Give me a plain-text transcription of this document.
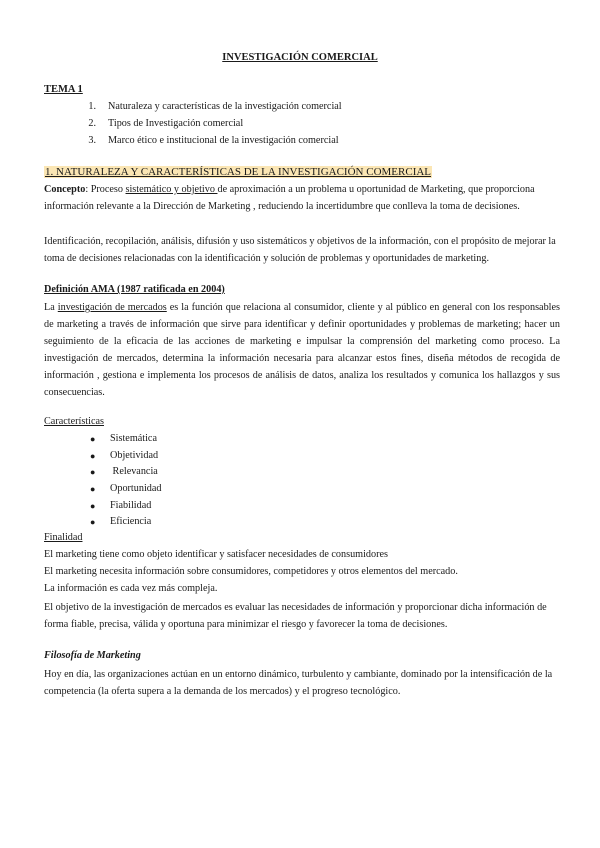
INVESTIGACIÓN COMERCIAL
TEMA 1
1. Naturaleza y características de la investigación comercial
2. Tipos de Investigación comercial
3. Marco ético e institucional de la investigación comercial
1. NATURALEZA Y CARACTERÍSTICAS DE LA INVESTIGACIÓN COMERCIAL
Concepto: Proceso sistemático y objetivo de aproximación a un problema u oportunidad de Marketing, que proporciona información relevante a la Dirección de Marketing , reduciendo la incertidumbre que conlleva la toma de decisiones.
Identificación, recopilación, análisis, difusión y uso sistemáticos y objetivos de la información, con el propósito de mejorar la toma de decisiones relacionadas con la identificación y solución de problemas y oportunidades de marketing.
Definición AMA (1987 ratificada en 2004)
La investigación de mercados es la función que relaciona al consumidor, cliente y al público en general con los responsables de marketing a través de información que sirve para identificar y definir oportunidades y problemas de marketing; hacer un seguimiento de la eficacia de las acciones de marketing e impulsar la comprensión del marketing como proceso. La investigación de mercados, determina la información necesaria para alcanzar estos fines, diseña métodos de recogida de información , gestiona e implementa los procesos de análisis de datos, analiza los resultados y comunica los hallazgos y sus consecuencias.
Características
● Sistemática
● Objetividad
● Relevancia
● Oportunidad
● Fiabilidad
● Eficiencia
Finalidad
El marketing tiene como objeto identificar y satisfacer necesidades de consumidores
El marketing necesita información sobre consumidores, competidores y otros elementos del mercado.
La información es cada vez más compleja.
El objetivo de la investigación de mercados es evaluar las necesidades de información y proporcionar dicha información de forma fiable, precisa, válida y oportuna para minimizar el riesgo y favorecer la toma de decisiones.
Filosofía de Marketing
Hoy en día, las organizaciones actúan en un entorno dinámico, turbulento y cambiante, dominado por la intensificación de la competencia (la oferta supera a la demanda de los mercados) y el progreso tecnológico.
